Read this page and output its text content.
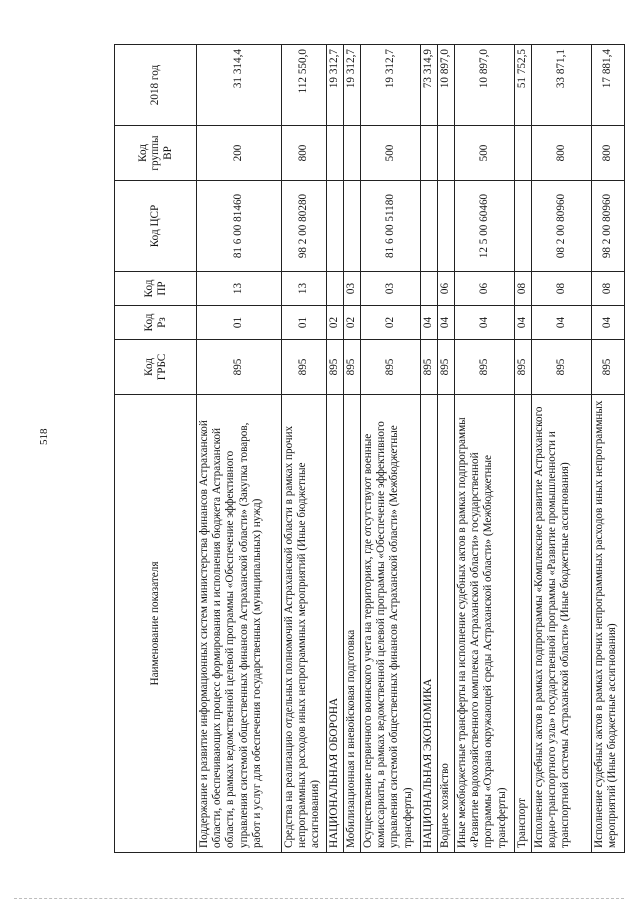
518
Наименование показателя	Код ГРБС	Код Рз	Код ПР	Код ЦСР	Код группы ВР	2018 год
Поддержание и развитие информационных систем министерства финансов Астраханской области, обеспечивающих процесс формирования и исполнения бюджета Астраханской области, в рамках ведомственной целевой программы «Обеспечение эффективного управления системой общественных финансов Астраханской области» (Закупка товаров, работ и услуг для обеспечения государственных (муниципальных) нужд)	895	01	13	81 6 00 81460	200	31 314,4
Средства на реализацию отдельных полномочий Астраханской области в рамках прочих непрограммных расходов иных непрограммных мероприятий (Иные бюджетные ассигнования)	895	01	13	98 2 00 80280	800	112 550,0
НАЦИОНАЛЬНАЯ ОБОРОНА	895	02				19 312,7
Мобилизационная и вневойсковая подготовка	895	02	03			19 312,7
Осуществление первичного воинского учета на территориях, где отсутствуют военные комиссариаты, в рамках ведомственной целевой программы «Обеспечение эффективного управления системой общественных финансов Астраханской области» (Межбюджетные трансферты)	895	02	03	81 6 00 51180	500	19 312,7
НАЦИОНАЛЬНАЯ ЭКОНОМИКА	895	04				73 314,9
Водное хозяйство	895	04	06			10 897,0
Иные межбюджетные трансферты на исполнение судебных актов в рамках подпрограммы «Развитие водохозяйственного комплекса Астраханской области» государственной программы «Охрана окружающей среды Астраханской области» (Межбюджетные трансферты)	895	04	06	12 5 00 60460	500	10 897,0
Транспорт	895	04	08			51 752,5
Исполнение судебных актов в рамках подпрограммы «Комплексное развитие Астраханского водно-транспортного узла» государственной программы «Развитие промышленности и транспортной системы Астраханской области» (Иные бюджетные ассигнования)	895	04	08	08 2 00 80960	800	33 871,1
Исполнение судебных актов в рамках прочих непрограммных расходов иных непрограммных мероприятий (Иные бюджетные ассигнования)	895	04	08	98 2 00 80960	800	17 881,4
